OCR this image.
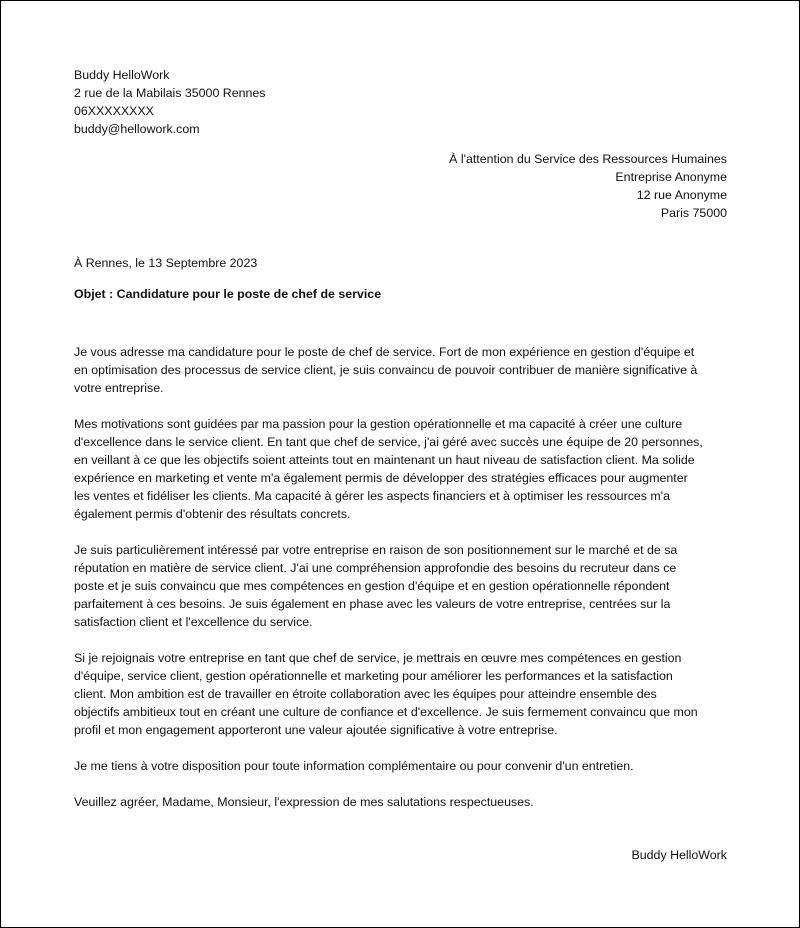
Buddy HelloWork
2 rue de la Mabilais 35000 Rennes
06XXXXXXXX
buddy@hellowork.com
À l'attention du Service des Ressources Humaines
Entreprise Anonyme
12 rue Anonyme
Paris 75000
À Rennes, le 13 Septembre 2023
Objet : Candidature pour le poste de chef de service
Je vous adresse ma candidature pour le poste de chef de service. Fort de mon expérience en gestion d'équipe et
en optimisation des processus de service client, je suis convaincu de pouvoir contribuer de manière significative à
votre entreprise.
Mes motivations sont guidées par ma passion pour la gestion opérationnelle et ma capacité à créer une culture
d'excellence dans le service client. En tant que chef de service, j'ai géré avec succès une équipe de 20 personnes,
en veillant à ce que les objectifs soient atteints tout en maintenant un haut niveau de satisfaction client. Ma solide
expérience en marketing et vente m'a également permis de développer des stratégies efficaces pour augmenter
les ventes et fidéliser les clients. Ma capacité à gérer les aspects financiers et à optimiser les ressources m'a
également permis d'obtenir des résultats concrets.
Je suis particulièrement intéressé par votre entreprise en raison de son positionnement sur le marché et de sa
réputation en matière de service client. J'ai une compréhension approfondie des besoins du recruteur dans ce
poste et je suis convaincu que mes compétences en gestion d'équipe et en gestion opérationnelle répondent
parfaitement à ces besoins. Je suis également en phase avec les valeurs de votre entreprise, centrées sur la
satisfaction client et l'excellence du service.
Si je rejoignais votre entreprise en tant que chef de service, je mettrais en œuvre mes compétences en gestion
d'équipe, service client, gestion opérationnelle et marketing pour améliorer les performances et la satisfaction
client. Mon ambition est de travailler en étroite collaboration avec les équipes pour atteindre ensemble des
objectifs ambitieux tout en créant une culture de confiance et d'excellence. Je suis fermement convaincu que mon
profil et mon engagement apporteront une valeur ajoutée significative à votre entreprise.
Je me tiens à votre disposition pour toute information complémentaire ou pour convenir d'un entretien.
Veuillez agréer, Madame, Monsieur, l'expression de mes salutations respectueuses.
Buddy HelloWork
